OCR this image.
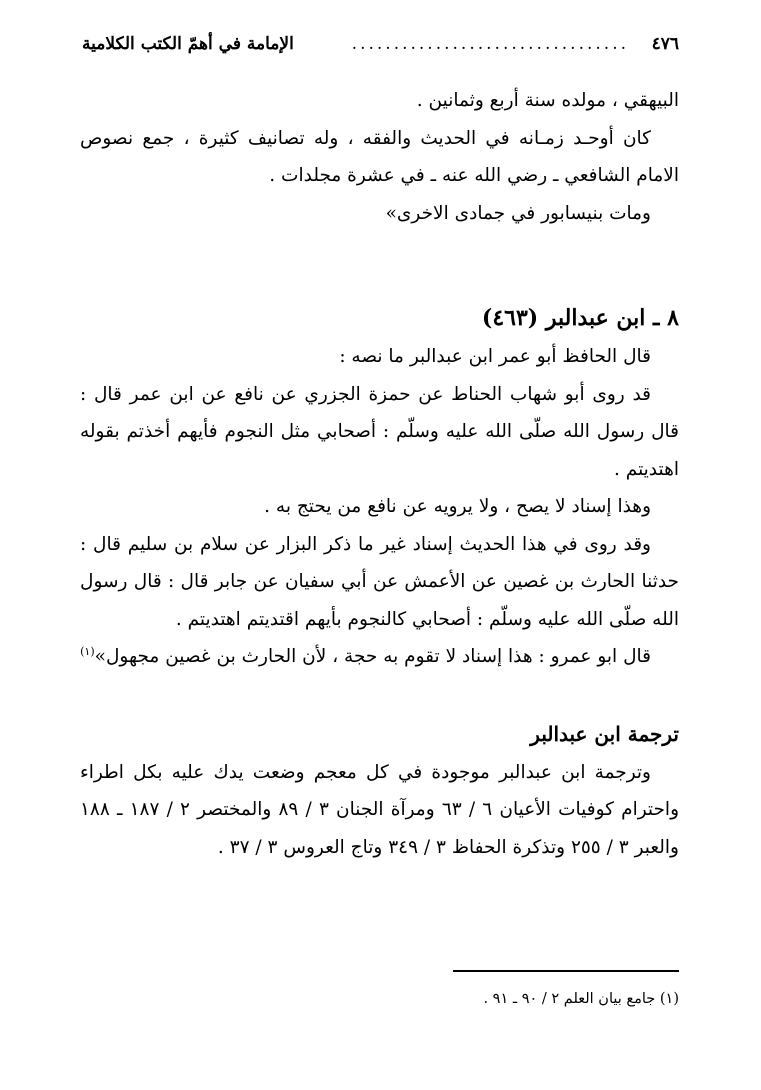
٤٧٦
.................................
الإمامة في أهمّ الكتب الكلامية

البيهقي ، مولده سنة أربع وثمانين .

كان أوحـد زمـانه في الحديث والفقه ، وله تصانيف كثيرة ، جمع نصوص الامام الشافعي ـ رضي الله عنه ـ في عشرة مجلدات .

ومات بنيسابور في جمادى الاخرى»

٨ ـ ابن عبدالبر (٤٦٣)

قال الحافظ أبو عمر ابن عبدالبر ما نصه :

قد روى أبو شهاب الحناط عن حمزة الجزري عن نافع عن ابن عمر قال : قال رسول الله صلّى الله عليه وسلّم : أصحابي مثل النجوم فأيهم أخذتم بقوله اهتديتم .

وهذا إسناد لا يصح ، ولا يرويه عن نافع من يحتج به .

وقد روى في هذا الحديث إسناد غير ما ذكر البزار عن سلام بن سليم قال : حدثنا الحارث بن غصين عن الأعمش عن أبي سفيان عن جابر قال : قال رسول الله صلّى الله عليه وسلّم : أصحابي كالنجوم بأيهم اقتديتم اهتديتم .

قال ابو عمرو : هذا إسناد لا تقوم به حجة ، لأن الحارث بن غصين مجهول»$^{(١)}$

ترجمة ابن عبدالبر

وترجمة ابن عبدالبر موجودة في كل معجم وضعت يدك عليه بكل اطراء واحترام كوفيات الأعيان ٦ / ٦٣ ومرآة الجنان ٣ / ٨٩ والمختصر ٢ / ١٨٧ ـ ١٨٨ والعبر ٣ / ٢٥٥ وتذكرة الحفاظ ٣ / ٣٤٩ وتاج العروس ٣ / ٣٧ .

(١) جامع بيان العلم ٢ / ٩٠ ـ ٩١ .
